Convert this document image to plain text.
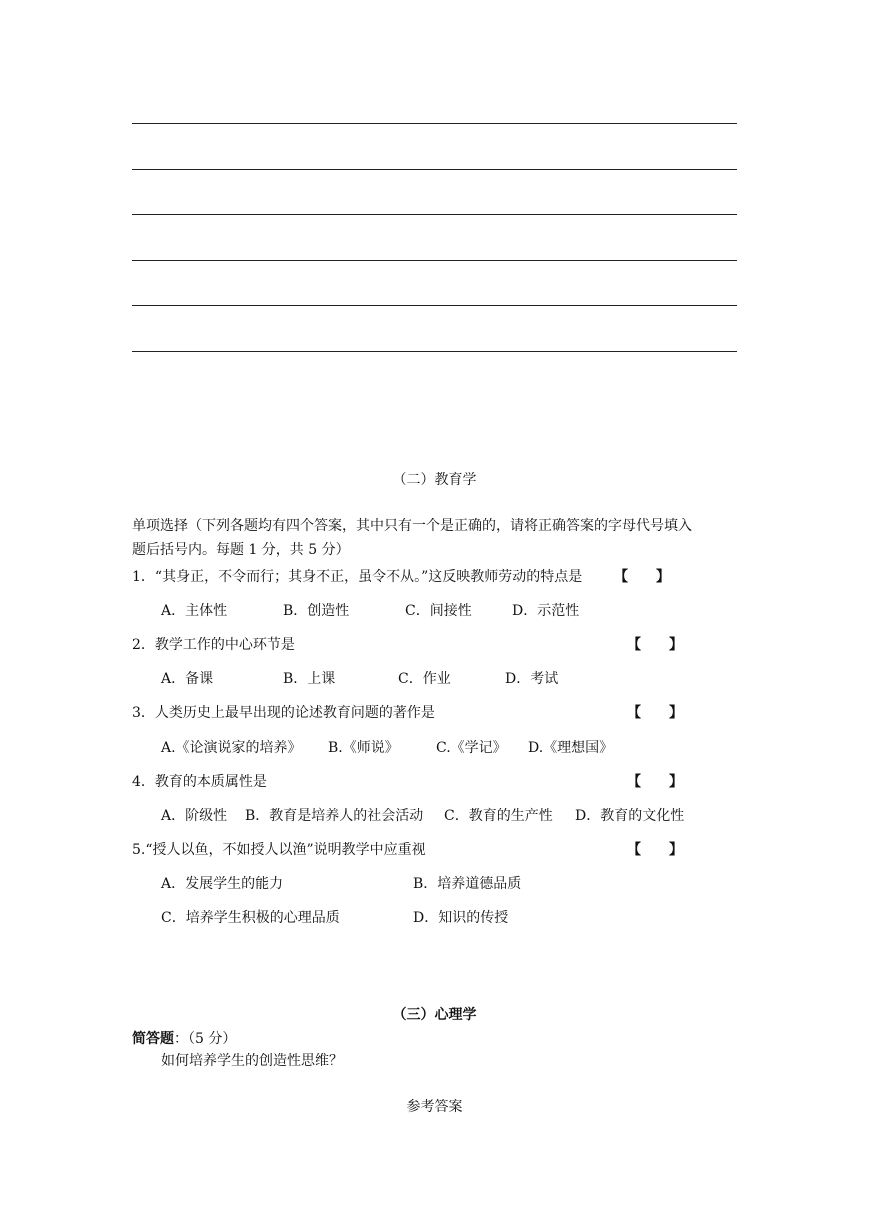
（二）教育学
单项选择（下列各题均有四个答案，其中只有一个是正确的，请将正确答案的字母代号填入
题后括号内。每题 1 分，共 5 分）
1．“其身正，不令而行；其身不正，虽令不从。”这反映教师劳动的特点是 【　　】
A．主体性	B．创造性	C．间接性	D．示范性
2．教学工作的中心环节是	【　　】
A．备课	B．上课	C．作业	D．考试
3．人类历史上最早出现的论述教育问题的著作是	【　　】
A.《论演说家的培养》 B.《师说》	C.《学记》 D.《理想国》
4．教育的本质属性是	【　　】
A．阶级性 B．教育是培养人的社会活动 C．教育的生产性 D．教育的文化性
5.“授人以鱼，不如授人以渔”说明教学中应重视	【　　】
A．发展学生的能力	B．培养道德品质
C．培养学生积极的心理品质	D．知识的传授
（三）心理学
简答题：（5 分）
如何培养学生的创造性思维？
参考答案
